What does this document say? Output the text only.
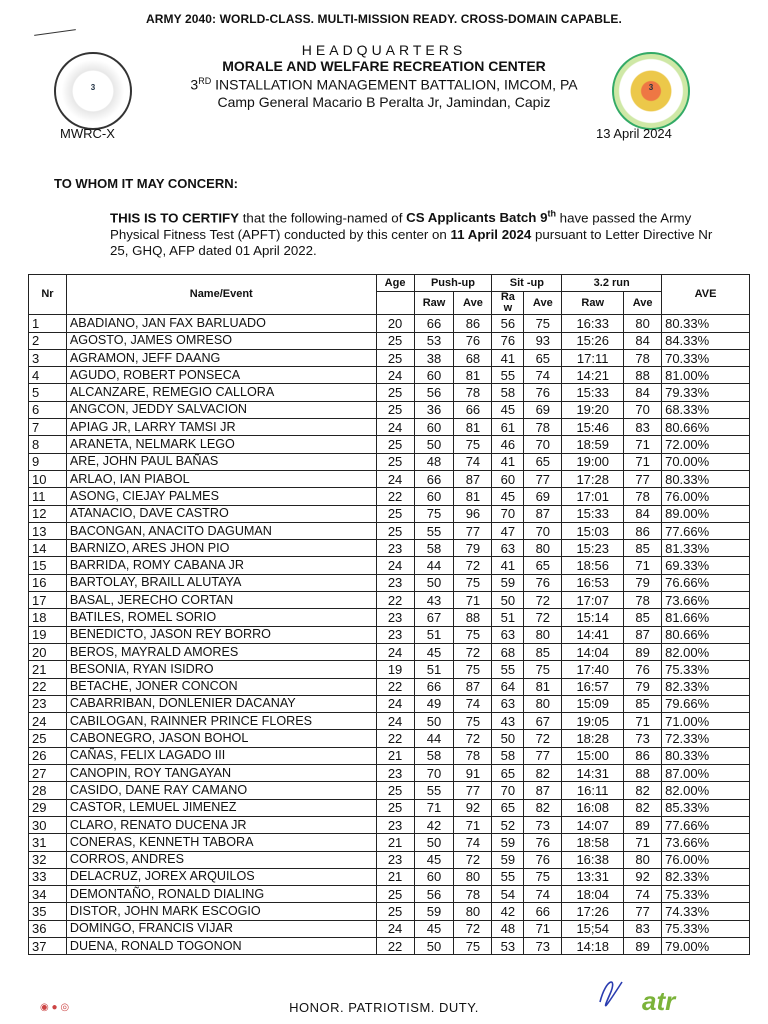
ARMY 2040: WORLD-CLASS. MULTI-MISSION READY. CROSS-DOMAIN CAPABLE.
3	3
HEADQUARTERS
MORALE AND WELFARE RECREATION CENTER
3RD INSTALLATION MANAGEMENT BATTALION, IMCOM, PA
Camp General Macario B Peralta Jr, Jamindan, Capiz
MWRC-X	13 April 2024
TO WHOM IT MAY CONCERN:

THIS IS TO CERTIFY that the following-named of CS Applicants Batch 9th have passed the Army Physical Fitness Test (APFT) conducted by this center on 11 April 2024 pursuant to Letter Directive Nr 25, GHQ, AFP dated 01 April 2022.

Nr	Name/Event	Age	Push-up		Sit -up		3.2 run		AVE
			Raw	Ave	Ra w	Ave	Raw	Ave	
1	ABADIANO, JAN FAX BARLUADO	20	66	86	56	75	16:33	80	80.33%
2	AGOSTO, JAMES OMRESO	25	53	76	76	93	15:26	84	84.33%
3	AGRAMON, JEFF DAANG	25	38	68	41	65	17:11	78	70.33%
4	AGUDO, ROBERT PONSECA	24	60	81	55	74	14:21	88	81.00%
5	ALCANZARE, REMEGIO CALLORA	25	56	78	58	76	15:33	84	79.33%
6	ANGCON, JEDDY SALVACION	25	36	66	45	69	19:20	70	68.33%
7	APIAG JR, LARRY TAMSI JR	24	60	81	61	78	15:46	83	80.66%
8	ARANETA, NELMARK LEGO	25	50	75	46	70	18:59	71	72.00%
9	ARE, JOHN PAUL BAÑAS	25	48	74	41	65	19:00	71	70.00%
10	ARLAO, IAN PIABOL	24	66	87	60	77	17:28	77	80.33%
11	ASONG, CIEJAY PALMES	22	60	81	45	69	17:01	78	76.00%
12	ATANACIO, DAVE CASTRO	25	75	96	70	87	15:33	84	89.00%
13	BACONGAN, ANACITO DAGUMAN	25	55	77	47	70	15:03	86	77.66%
14	BARNIZO, ARES JHON PIO	23	58	79	63	80	15:23	85	81.33%
15	BARRIDA, ROMY CABANA JR	24	44	72	41	65	18:56	71	69.33%
16	BARTOLAY, BRAILL ALUTAYA	23	50	75	59	76	16:53	79	76.66%
17	BASAL, JERECHO CORTAN	22	43	71	50	72	17:07	78	73.66%
18	BATILES, ROMEL SORIO	23	67	88	51	72	15:14	85	81.66%
19	BENEDICTO, JASON REY BORRO	23	51	75	63	80	14:41	87	80.66%
20	BEROS, MAYRALD AMORES	24	45	72	68	85	14:04	89	82.00%
21	BESONIA, RYAN ISIDRO	19	51	75	55	75	17:40	76	75.33%
22	BETACHE, JONER CONCON	22	66	87	64	81	16:57	79	82.33%
23	CABARRIBAN, DONLENIER DACANAY	24	49	74	63	80	15:09	85	79.66%
24	CABILOGAN, RAINNER PRINCE FLORES	24	50	75	43	67	19:05	71	71.00%
25	CABONEGRO, JASON BOHOL	22	44	72	50	72	18:28	73	72.33%
26	CAÑAS, FELIX LAGADO III	21	58	78	58	77	15:00	86	80.33%
27	CANOPIN, ROY TANGAYAN	23	70	91	65	82	14:31	88	87.00%
28	CASIDO, DANE RAY CAMANO	25	55	77	70	87	16:11	82	82.00%
29	CASTOR, LEMUEL JIMENEZ	25	71	92	65	82	16:08	82	85.33%
30	CLARO, RENATO DUCENA JR	23	42	71	52	73	14:07	89	77.66%
31	CONERAS, KENNETH TABORA	21	50	74	59	76	18:58	71	73.66%
32	CORROS, ANDRES	23	45	72	59	76	16:38	80	76.00%
33	DELACRUZ, JOREX ARQUILOS	21	60	80	55	75	13:31	92	82.33%
34	DEMONTAÑO, RONALD DIALING	25	56	78	54	74	18:04	74	75.33%
35	DISTOR, JOHN MARK ESCOGIO	25	59	80	42	66	17:26	77	74.33%
36	DOMINGO, FRANCIS VIJAR	24	45	72	48	71	15;54	83	75.33%
37	DUENA, RONALD TOGONON	22	50	75	53	73	14:18	89	79.00%
◉ ● ◎	HONOR. PATRIOTISM. DUTY.	atr
